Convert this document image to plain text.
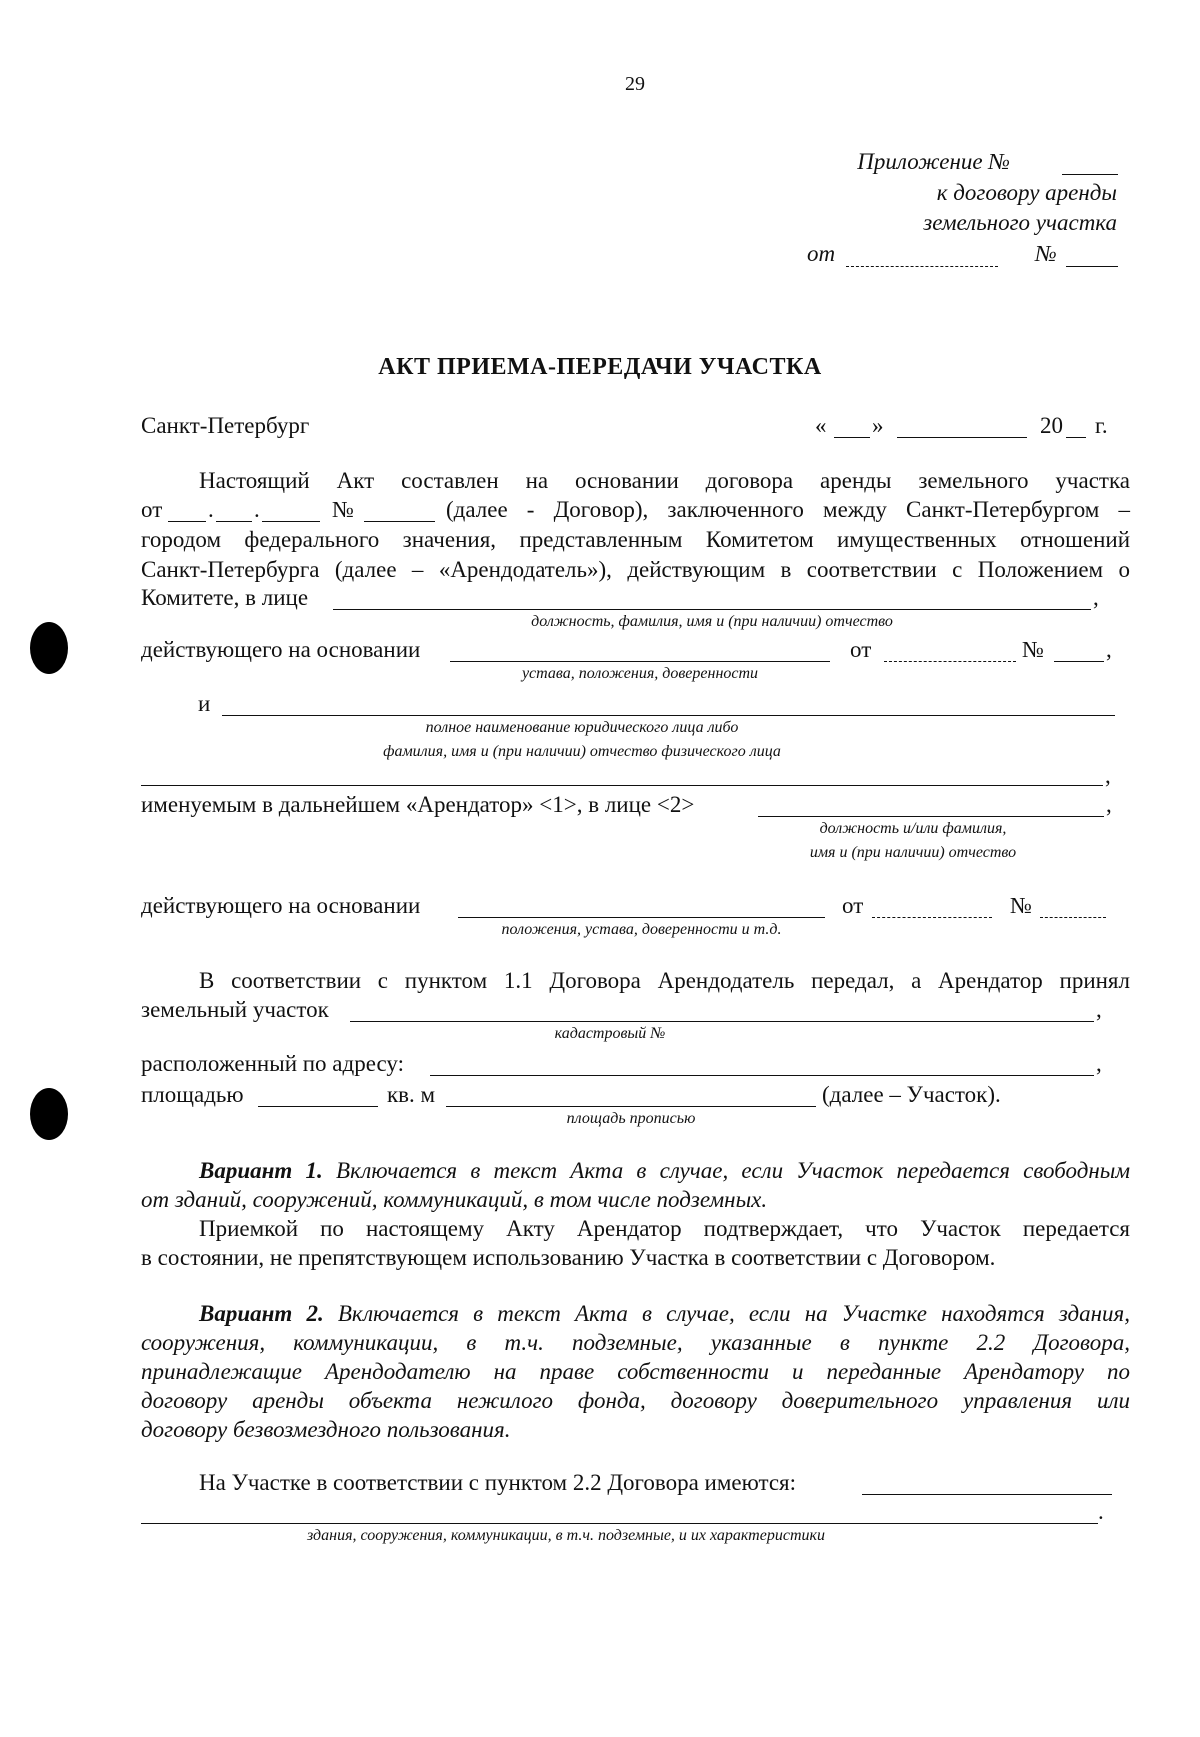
29
Приложение №
к договору аренды
земельного участка
от	№
АКТ ПРИЕМА-ПЕРЕДАЧИ УЧАСТКА
Санкт-Петербург	« »	20 г.
Настоящий Акт составлен на основании договора аренды земельного участка
от . .	№	(далее - Договор), заключенного между Санкт-Петербургом –
городом федерального значения, представленным Комитетом имущественных отношений
Санкт-Петербурга (далее – «Арендодатель»), действующим в соответствии с Положением о
Комитете, в лице	,
должность, фамилия, имя и (при наличии) отчество
действующего на основании	от	№	,
устава, положения, доверенности
и
полное наименование юридического лица либо
фамилия, имя и (при наличии) отчество физического лица
,
именуемым в дальнейшем «Арендатор» <1>, в лице <2>	,
должность и/или фамилия,
имя и (при наличии) отчество
действующего на основании	от	№
положения, устава, доверенности и т.д.
В соответствии с пунктом 1.1 Договора Арендодатель передал, а Арендатор принял
земельный участок	,
кадастровый №
расположенный по адресу:	,
площадью	кв. м	(далее – Участок).
площадь прописью
Вариант 1. Включается в текст Акта в случае, если Участок передается свободным
от зданий, сооружений, коммуникаций, в том числе подземных.
Приемкой по настоящему Акту Арендатор подтверждает, что Участок передается
в состоянии, не препятствующем использованию Участка в соответствии с Договором.
Вариант 2. Включается в текст Акта в случае, если на Участке находятся здания,
сооружения, коммуникации, в т.ч. подземные, указанные в пункте 2.2 Договора,
принадлежащие Арендодателю на праве собственности и переданные Арендатору по
договору аренды объекта нежилого фонда, договору доверительного управления или
договору безвозмездного пользования.
На Участке в соответствии с пунктом 2.2 Договора имеются:
.
здания, сооружения, коммуникации, в т.ч. подземные, и их характеристики
